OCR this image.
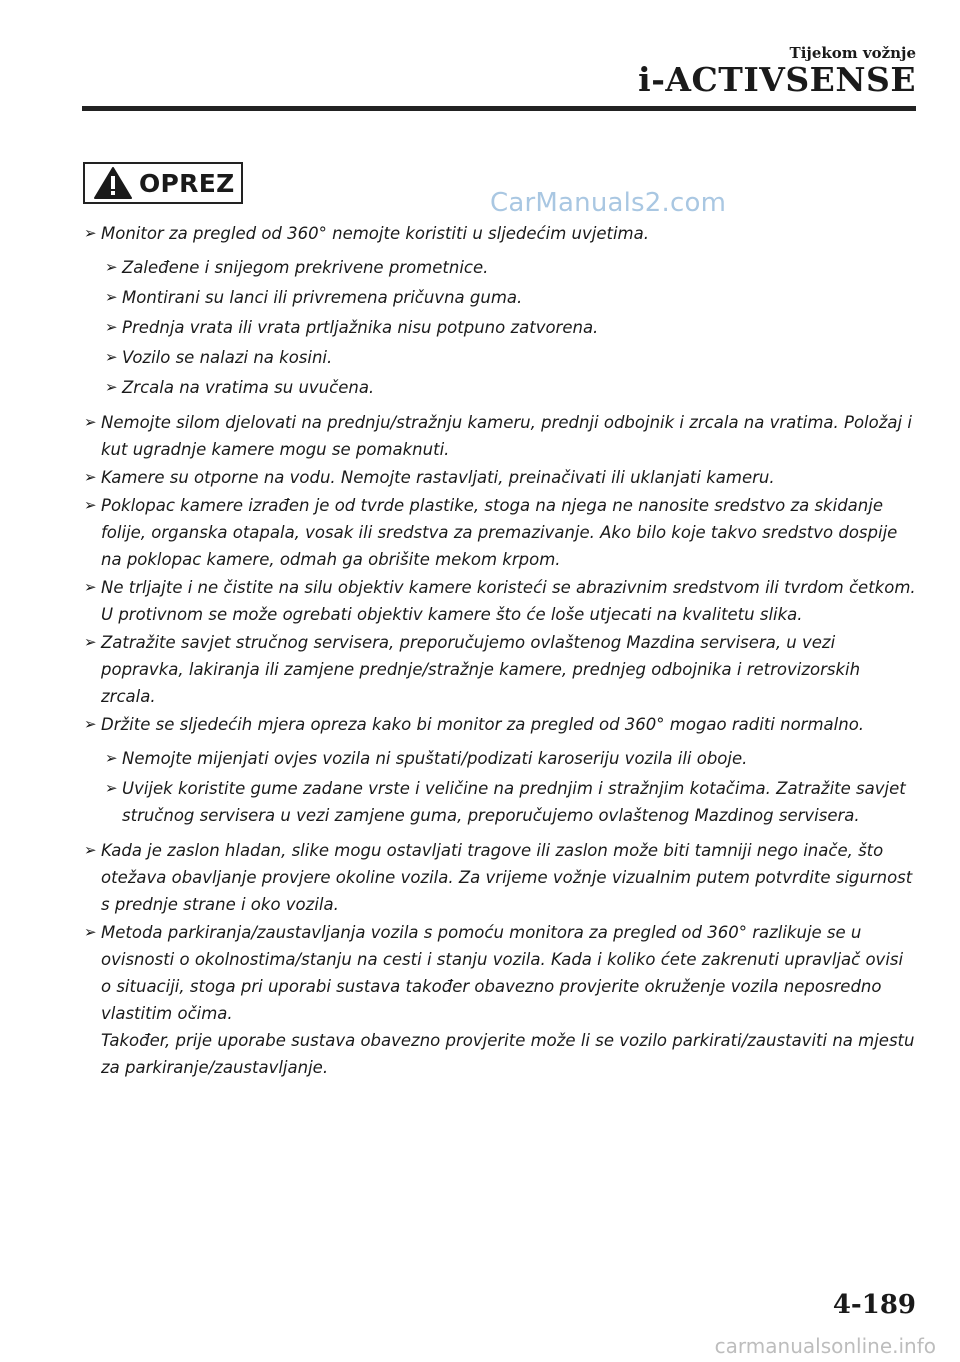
Tijekom vožnje
i-ACTIVSENSE
OPREZ
CarManuals2.com
➢ Monitor za pregled od 360° nemojte koristiti u sljedećim uvjetima.
➢ Zaleđene i snijegom prekrivene prometnice.
➢ Montirani su lanci ili privremena pričuvna guma.
➢ Prednja vrata ili vrata prtljažnika nisu potpuno zatvorena.
➢ Vozilo se nalazi na kosini.
➢ Zrcala na vratima su uvučena.
➢ Nemojte silom djelovati na prednju/stražnju kameru, prednji odbojnik i zrcala na vratima. Položaj i kut ugradnje kamere mogu se pomaknuti.
➢ Kamere su otporne na vodu. Nemojte rastavljati, preinačivati ili uklanjati kameru.
➢ Poklopac kamere izrađen je od tvrde plastike, stoga na njega ne nanosite sredstvo za skidanje folije, organska otapala, vosak ili sredstva za premazivanje. Ako bilo koje takvo sredstvo dospije na poklopac kamere, odmah ga obrišite mekom krpom.
➢ Ne trljajte i ne čistite na silu objektiv kamere koristeći se abrazivnim sredstvom ili tvrdom četkom. U protivnom se može ogrebati objektiv kamere što će loše utjecati na kvalitetu slika.
➢ Zatražite savjet stručnog servisera, preporučujemo ovlaštenog Mazdina servisera, u vezi popravka, lakiranja ili zamjene prednje/stražnje kamere, prednjeg odbojnika i retrovizorskih zrcala.
➢ Držite se sljedećih mjera opreza kako bi monitor za pregled od 360° mogao raditi normalno.
➢ Nemojte mijenjati ovjes vozila ni spuštati/podizati karoseriju vozila ili oboje.
➢ Uvijek koristite gume zadane vrste i veličine na prednjim i stražnjim kotačima. Zatražite savjet stručnog servisera u vezi zamjene guma, preporučujemo ovlaštenog Mazdinog servisera.
➢ Kada je zaslon hladan, slike mogu ostavljati tragove ili zaslon može biti tamniji nego inače, što otežava obavljanje provjere okoline vozila. Za vrijeme vožnje vizualnim putem potvrdite sigurnost s prednje strane i oko vozila.
➢ Metoda parkiranja/zaustavljanja vozila s pomoću monitora za pregled od 360° razlikuje se u ovisnosti o okolnostima/stanju na cesti i stanju vozila. Kada i koliko ćete zakrenuti upravljač ovisi o situaciji, stoga pri uporabi sustava također obavezno provjerite okruženje vozila neposredno vlastitim očima.
Također, prije uporabe sustava obavezno provjerite može li se vozilo parkirati/zaustaviti na mjestu za parkiranje/zaustavljanje.
4-189
carmanualsonline.info
